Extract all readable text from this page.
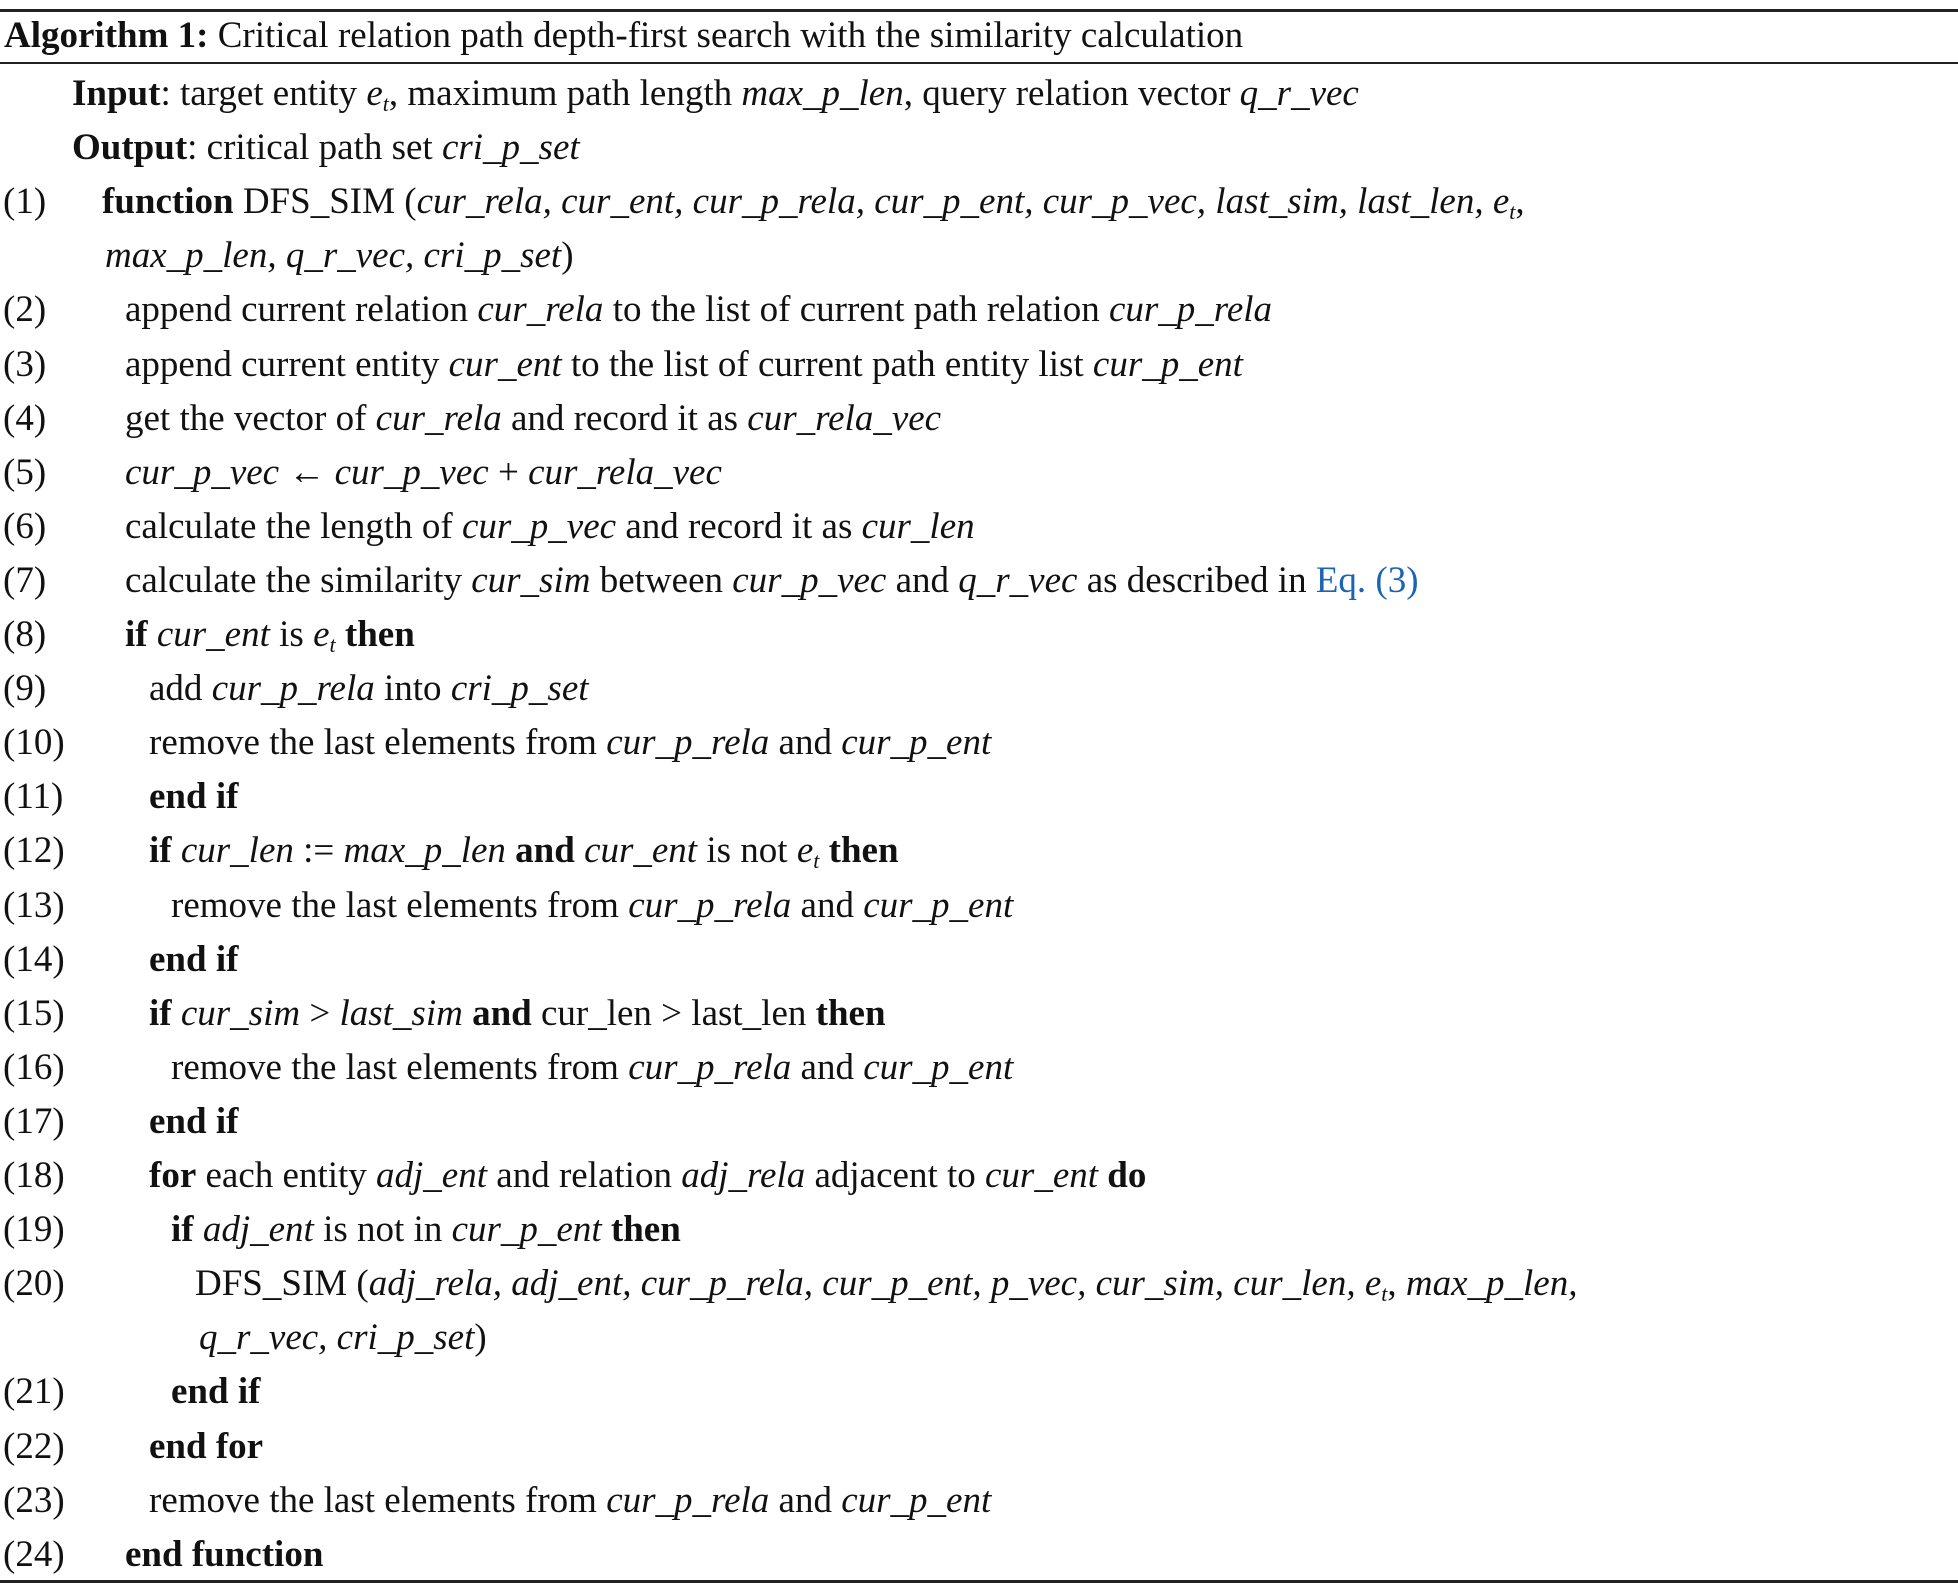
Algorithm 1: Critical relation path depth-first search with the similarity calculation
Input: target entity $e_t$, maximum path length max_p_len, query relation vector q_r_vec
Output: critical path set cri_p_set
(1) function DFS_SIM (cur_rela, cur_ent, cur_p_rela, cur_p_ent, cur_p_vec, last_sim, last_len, $e_t$,
max_p_len, q_r_vec, cri_p_set)
(2) append current relation cur_rela to the list of current path relation cur_p_rela
(3) append current entity cur_ent to the list of current path entity list cur_p_ent
(4) get the vector of cur_rela and record it as cur_rela_vec
(5) cur_p_vec ← cur_p_vec + cur_rela_vec
(6) calculate the length of cur_p_vec and record it as cur_len
(7) calculate the similarity cur_sim between cur_p_vec and q_r_vec as described in Eq. (3)
(8) if cur_ent is $e_t$ then
(9)	add cur_p_rela into cri_p_set
(10) remove the last elements from cur_p_rela and cur_p_ent
(11) end if
(12) if cur_len := max_p_len and cur_ent is not $e_t$ then
(13)	remove the last elements from cur_p_rela and cur_p_ent
(14) end if
(15) if cur_sim > last_sim and cur_len > last_len then
(16)	remove the last elements from cur_p_rela and cur_p_ent
(17) end if
(18) for each entity adj_ent and relation adj_rela adjacent to cur_ent do
(19)	if adj_ent is not in cur_p_ent then
(20)	DFS_SIM (adj_rela, adj_ent, cur_p_rela, cur_p_ent, p_vec, cur_sim, cur_len, $e_t$, max_p_len,
q_r_vec, cri_p_set)
(21)	end if
(22) end for
(23) remove the last elements from cur_p_rela and cur_p_ent
(24) end function
